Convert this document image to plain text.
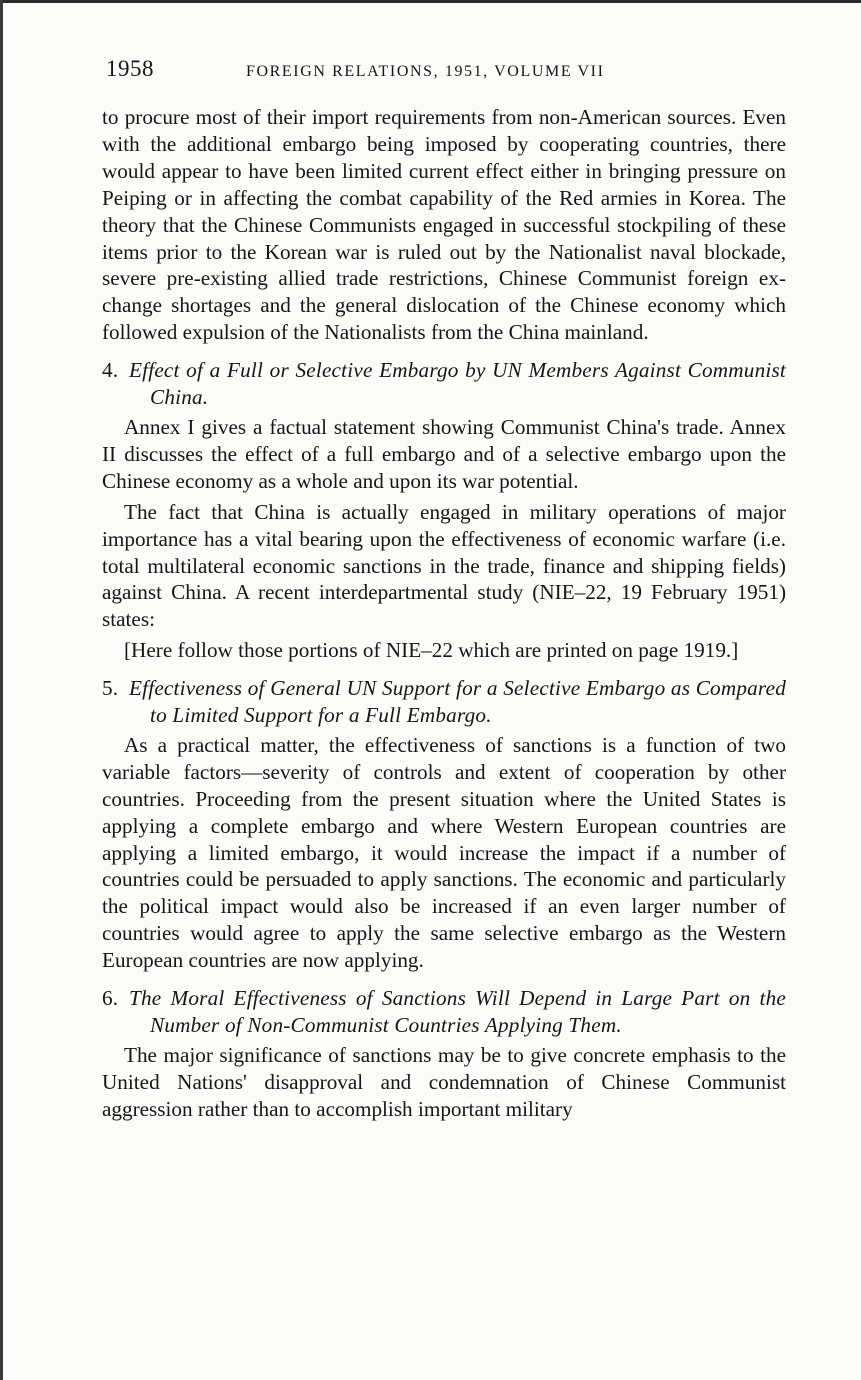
1958	FOREIGN RELATIONS, 1951, VOLUME VII

to procure most of their import requirements from non-American sources. Even with the additional embargo being imposed by cooperating countries, there would appear to have been limited current effect either in bringing pressure on Peiping or in affecting the combat capability of the Red armies in Korea. The theory that the Chinese Communists engaged in successful stockpiling of these items prior to the Korean war is ruled out by the Nationalist naval blockade, severe pre-existing allied trade restrictions, Chinese Communist foreign exchange shortages and the general dislocation of the Chinese economy which followed expulsion of the Nationalists from the China mainland.

4. Effect of a Full or Selective Embargo by UN Members Against Communist China.

Annex I gives a factual statement showing Communist China's trade. Annex II discusses the effect of a full embargo and of a selective embargo upon the Chinese economy as a whole and upon its war potential.

The fact that China is actually engaged in military operations of major importance has a vital bearing upon the effectiveness of economic warfare (i.e. total multilateral economic sanctions in the trade, finance and shipping fields) against China. A recent interdepartmental study (NIE–22, 19 February 1951) states:

[Here follow those portions of NIE–22 which are printed on page 1919.]

5. Effectiveness of General UN Support for a Selective Embargo as Compared to Limited Support for a Full Embargo.

As a practical matter, the effectiveness of sanctions is a function of two variable factors—severity of controls and extent of cooperation by other countries. Proceeding from the present situation where the United States is applying a complete embargo and where Western European countries are applying a limited embargo, it would increase the impact if a number of countries could be persuaded to apply sanctions. The economic and particularly the political impact would also be increased if an even larger number of countries would agree to apply the same selective embargo as the Western European countries are now applying.

6. The Moral Effectiveness of Sanctions Will Depend in Large Part on the Number of Non-Communist Countries Applying Them.

The major significance of sanctions may be to give concrete emphasis to the United Nations' disapproval and condemnation of Chinese Communist aggression rather than to accomplish important military
